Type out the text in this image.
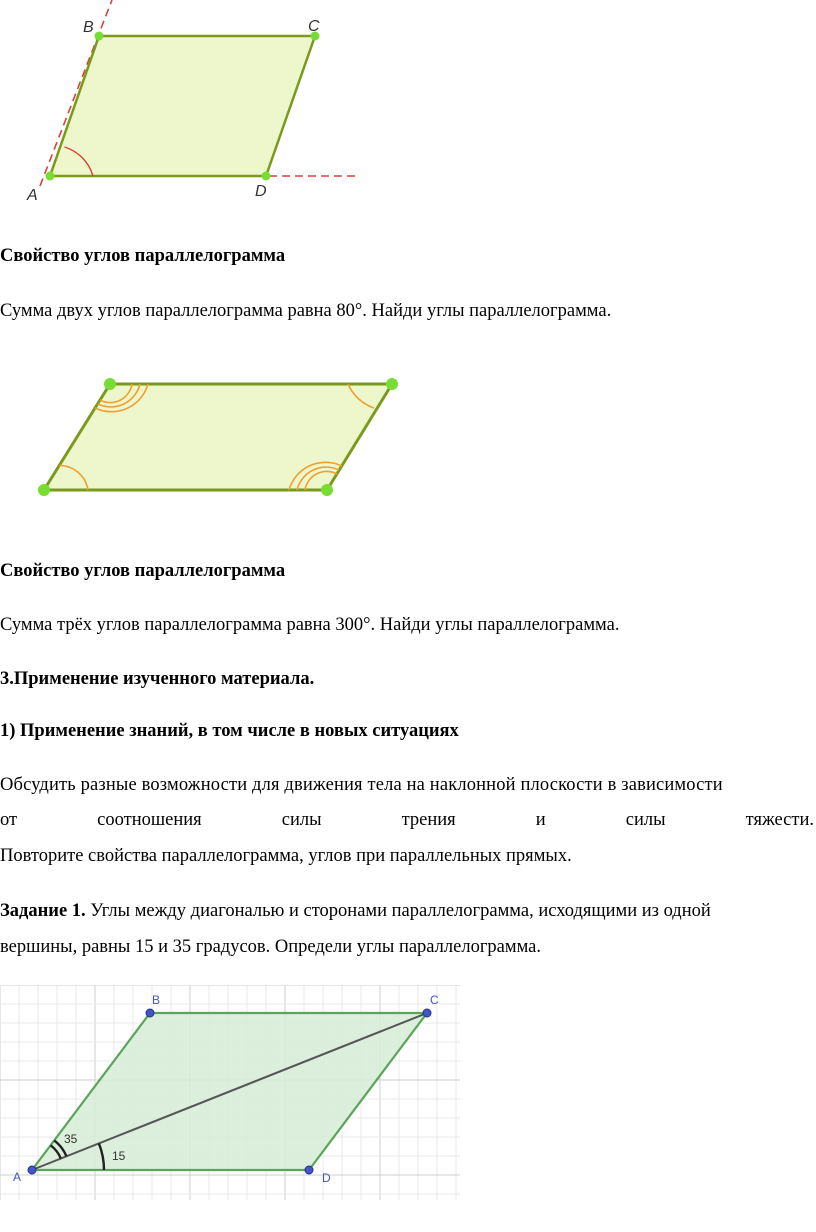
A
B	C
D

Свойство углов параллелограмма

Сумма двух углов параллелограмма равна 80°. Найди углы параллелограмма.

Свойство углов параллелограмма

Сумма трёх углов параллелограмма равна 300°. Найди углы параллелограмма.

3.Применение изученного материала.

1) Применение знаний, в том числе в новых ситуациях

Обсудить разные возможности для движения тела на наклонной плоскости в зависимости

от	соотношения	силы	трения	и	силы	тяжести.

Повторите свойства параллелограмма, углов при параллельных прямых.

Задание 1. Углы между диагональю и сторонами параллелограмма, исходящими из одной

вершины, равны 15 и 35 градусов. Определи углы параллелограмма.

35
15
A
B	C
D
